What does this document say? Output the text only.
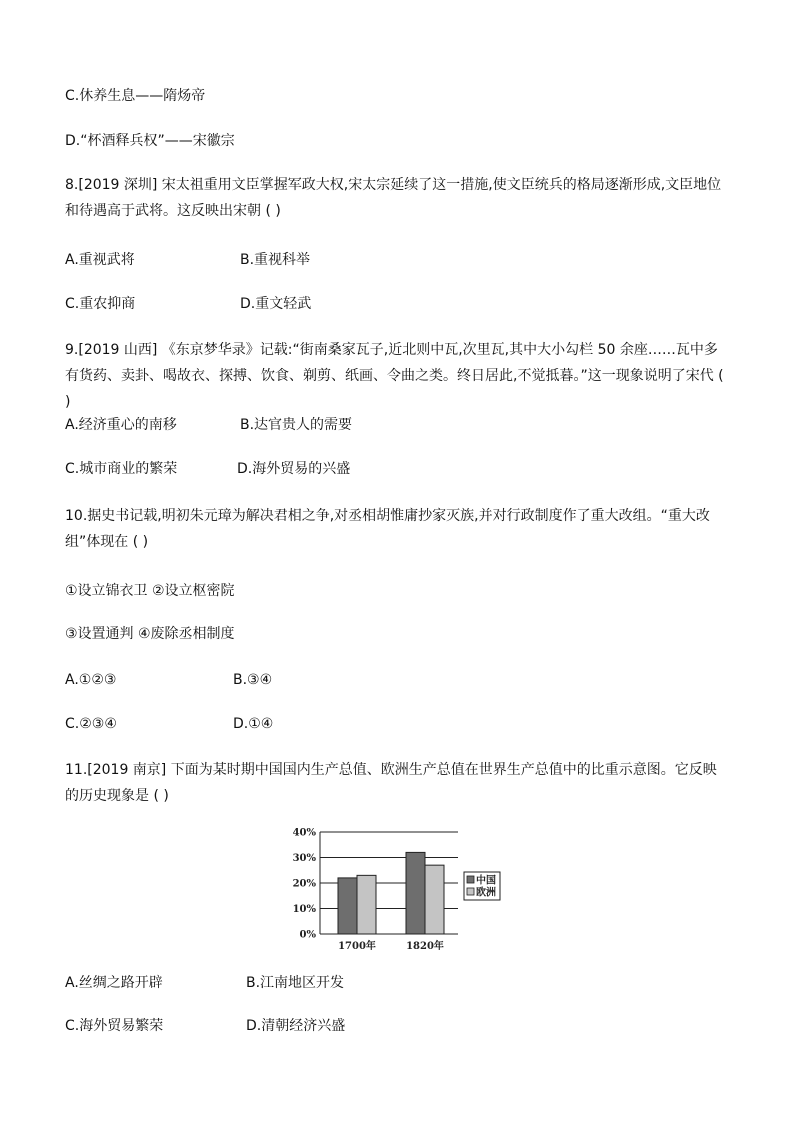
C.休养生息——隋炀帝
D.“杯酒释兵权”——宋徽宗
8.[2019 深圳] 宋太祖重用文臣掌握军政大权,宋太宗延续了这一措施,使文臣统兵的格局逐渐形成,文臣地位和待遇高于武将。这反映出宋朝 ( )
A.重视武将	B.重视科举
C.重农抑商	D.重文轻武
9.[2019 山西] 《东京梦华录》记载:“街南桑家瓦子,近北则中瓦,次里瓦,其中大小勾栏 50 余座……瓦中多有货药、卖卦、喝故衣、探搏、饮食、剃剪、纸画、令曲之类。终日居此,不觉抵暮。”这一现象说明了宋代 ( )
A.经济重心的南移	B.达官贵人的需要
C.城市商业的繁荣	D.海外贸易的兴盛
10.据史书记载,明初朱元璋为解决君相之争,对丞相胡惟庸抄家灭族,并对行政制度作了重大改组。“重大改组”体现在 ( )
①设立锦衣卫 ②设立枢密院
③设置通判 ④废除丞相制度
A.①②③	B.③④
C.②③④	D.①④
11.[2019 南京] 下面为某时期中国国内生产总值、欧洲生产总值在世界生产总值中的比重示意图。它反映的历史现象是 ( )
0%
10%
20%
30%
40%
1700年	1820年
中国
欧洲
A.丝绸之路开辟	B.江南地区开发
C.海外贸易繁荣	D.清朝经济兴盛
